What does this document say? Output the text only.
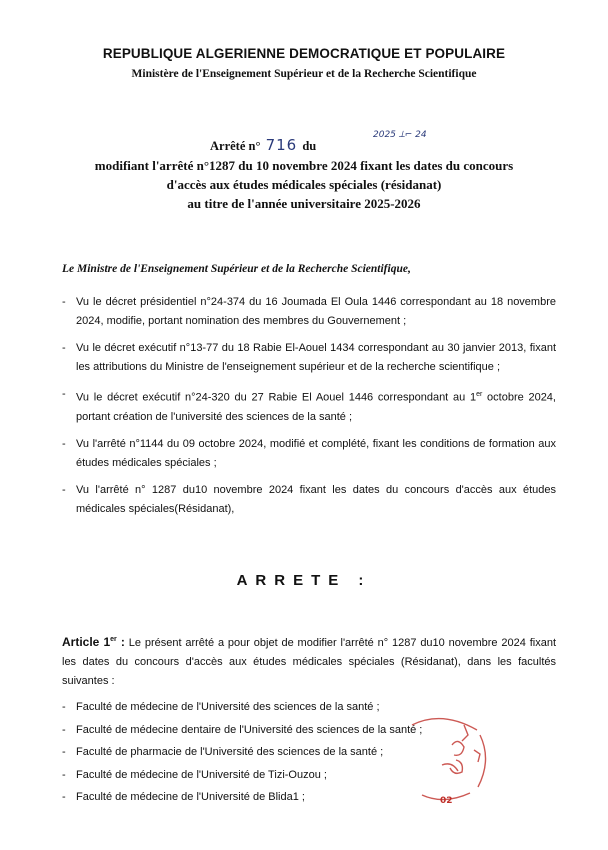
REPUBLIQUE ALGERIENNE DEMOCRATIQUE ET POPULAIRE
Ministère de l'Enseignement Supérieur et de la Recherche Scientifique
Arrêté n° 716 du
2025 ⟂⌐ 24
modifiant l'arrêté n°1287 du 10 novembre 2024 fixant les dates du concours
d'accès aux études médicales spéciales (résidanat)
au titre de l'année universitaire 2025-2026
Le Ministre de l'Enseignement Supérieur et de la Recherche Scientifique,
- Vu le décret présidentiel n°24-374 du 16 Joumada El Oula 1446 correspondant au 18 novembre 2024, modifie, portant nomination des membres du Gouvernement ;
- Vu le décret exécutif n°13-77 du 18 Rabie El-Aouel 1434 correspondant au 30 janvier 2013, fixant les attributions du Ministre de l'enseignement supérieur et de la recherche scientifique ;
- Vu le décret exécutif n°24-320 du 27 Rabie El Aouel 1446 correspondant au 1er octobre 2024, portant création de l'université des sciences de la santé ;
- Vu l'arrêté n°1144 du 09 octobre 2024, modifié et complété, fixant les conditions de formation aux études médicales spéciales ;
- Vu l'arrêté n° 1287 du10 novembre 2024 fixant les dates du concours d'accès aux études médicales spéciales(Résidanat),
ARRETE :
Article 1er : Le présent arrêté a pour objet de modifier l'arrêté n° 1287 du10 novembre 2024 fixant les dates du concours d'accès aux études médicales spéciales (Résidanat), dans les facultés suivantes :
- Faculté de médecine de l'Université des sciences de la santé ;
- Faculté de médecine dentaire de l'Université des sciences de la santé ;
- Faculté de pharmacie de l'Université des sciences de la santé ;
- Faculté de médecine de l'Université de Tizi-Ouzou ;
- Faculté de médecine de l'Université de Blida1 ;	02
